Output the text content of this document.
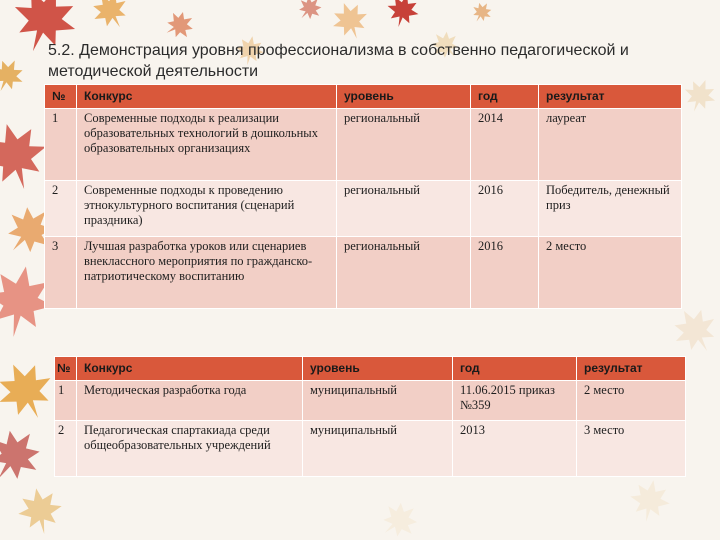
5.2. Демонстрация уровня профессионализма в собственно педагогической и методической деятельности
№	Конкурс	уровень	год	результат
1	Современные подходы к реализации образовательных технологий в дошкольных образовательных организациях	региональный	2014	лауреат
2	Современные подходы к проведению этнокультурного воспитания (сценарий праздника)	региональный	2016	Победитель, денежный приз
3	Лучшая разработка уроков или сценариев внеклассного мероприятия по гражданско-патриотическому воспитанию	региональный	2016	2 место
№	Конкурс	уровень	год	результат
1	Методическая разработка года	муниципальный	11.06.2015 приказ №359	2 место
2	Педагогическая спартакиада среди общеобразовательных учреждений	муниципальный	2013	3 место
